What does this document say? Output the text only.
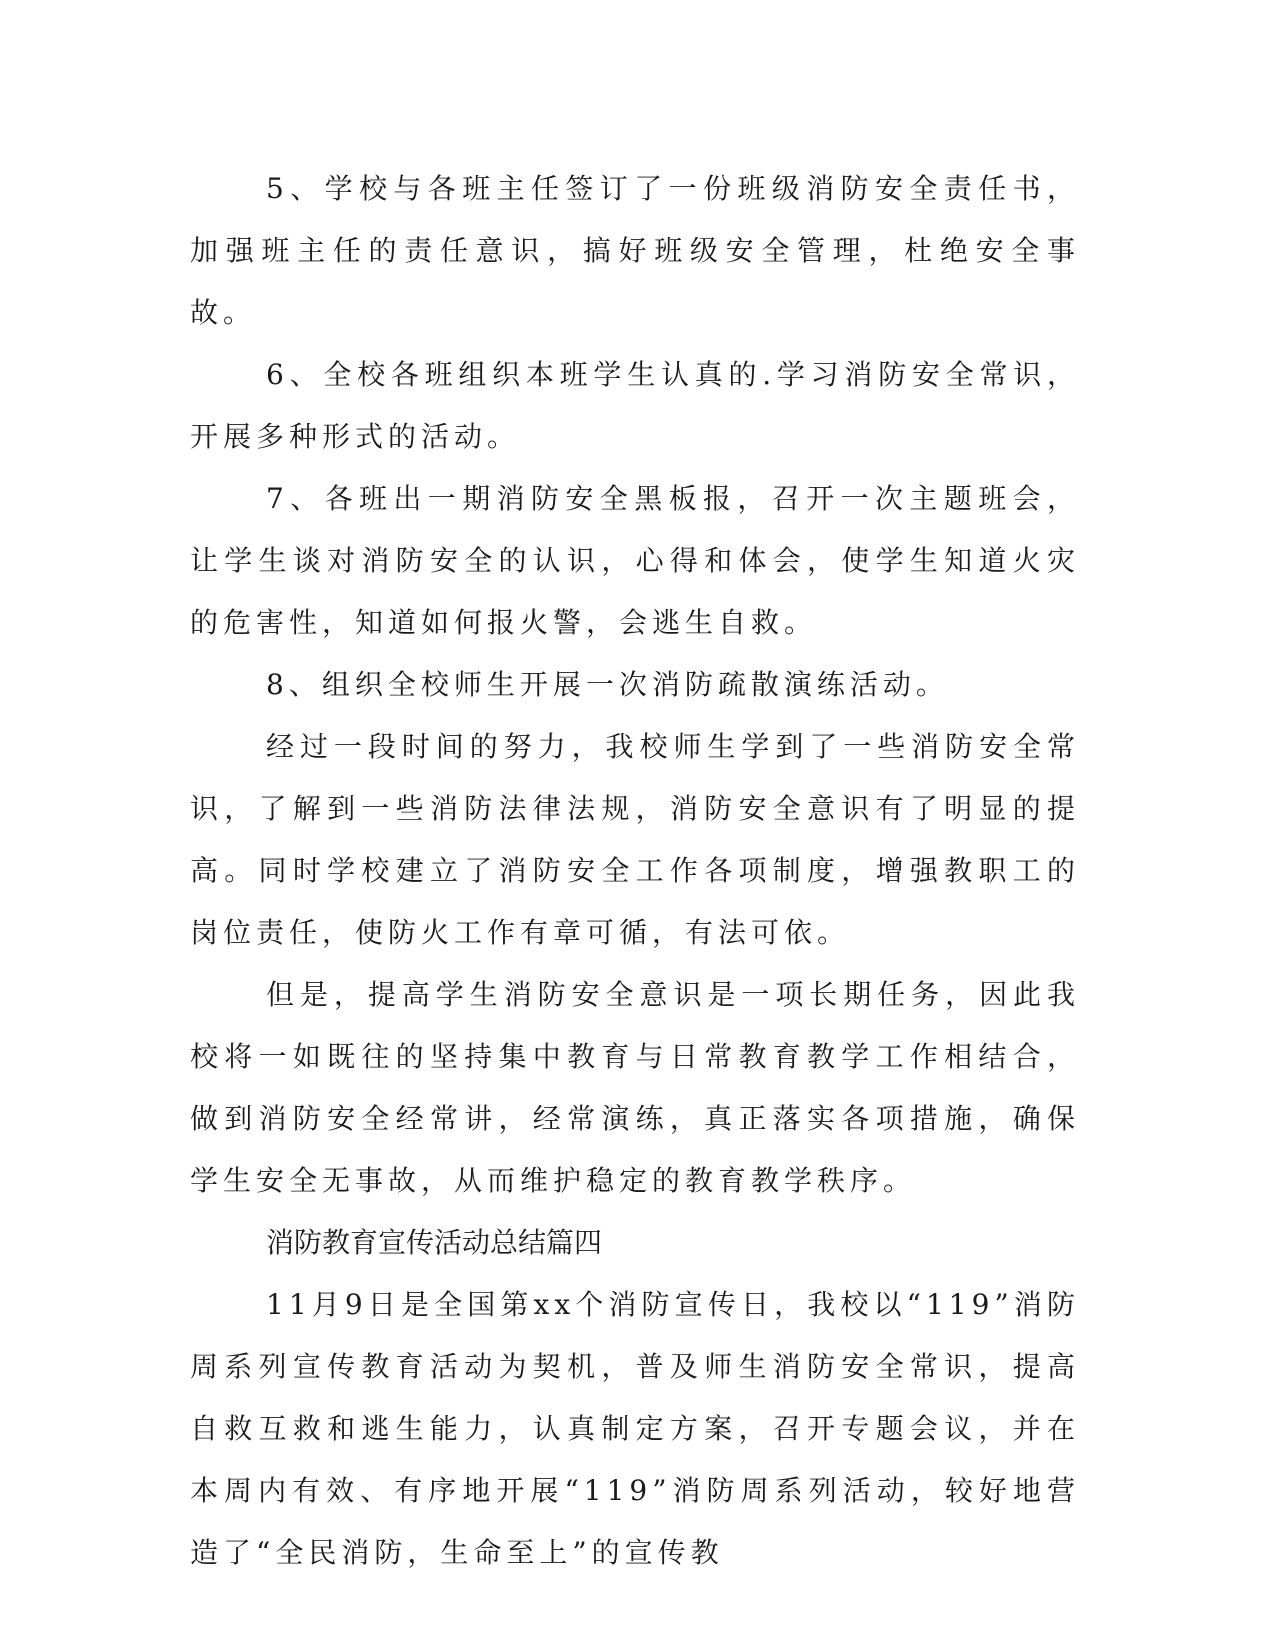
5、学校与各班主任签订了一份班级消防安全责任书，加强班主任的责任意识，搞好班级安全管理，杜绝安全事故。

6、全校各班组织本班学生认真的.学习消防安全常识，开展多种形式的活动。

7、各班出一期消防安全黑板报，召开一次主题班会，让学生谈对消防安全的认识，心得和体会，使学生知道火灾的危害性，知道如何报火警，会逃生自救。

8、组织全校师生开展一次消防疏散演练活动。

经过一段时间的努力，我校师生学到了一些消防安全常识，了解到一些消防法律法规，消防安全意识有了明显的提高。同时学校建立了消防安全工作各项制度，增强教职工的岗位责任，使防火工作有章可循，有法可依。

但是，提高学生消防安全意识是一项长期任务，因此我校将一如既往的坚持集中教育与日常教育教学工作相结合，做到消防安全经常讲，经常演练，真正落实各项措施，确保学生安全无事故，从而维护稳定的教育教学秩序。

消防教育宣传活动总结篇四

11月9日是全国第xx个消防宣传日，我校以“119”消防周系列宣传教育活动为契机，普及师生消防安全常识，提高自救互救和逃生能力，认真制定方案，召开专题会议，并在本周内有效、有序地开展“119”消防周系列活动，较好地营造了“全民消防，生命至上”的宣传教
